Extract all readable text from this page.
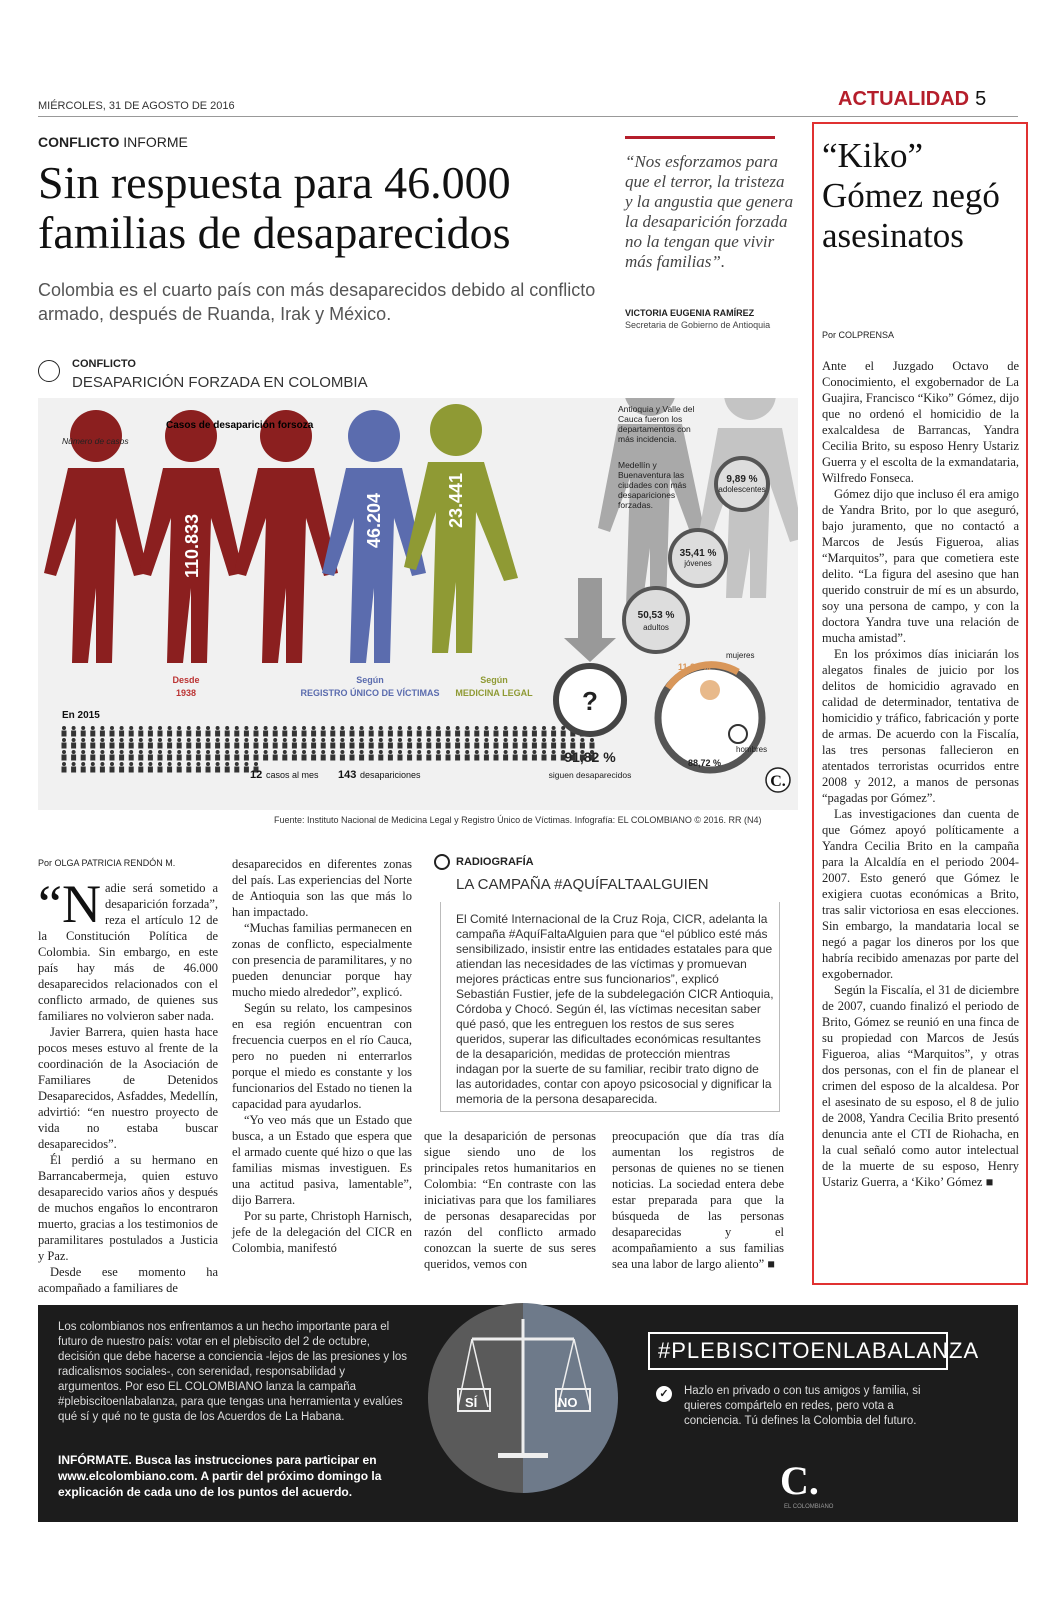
MIÉRCOLES, 31 DE AGOSTO DE 2016	ACTUALIDAD 5
CONFLICTO INFORME
Sin respuesta para 46.000 familias de desaparecidos
Colombia es el cuarto país con más desaparecidos debido al conflicto armado, después de Ruanda, Irak y México.
“Nos esforzamos para que el terror, la tristeza y la angustia que genera la desaparición forzada no la tengan que vivir más familias”.
VICTORIA EUGENIA RAMÍREZ
Secretaria de Gobierno de Antioquia
“Kiko” Gómez negó asesinatos
Por COLPRENSA

Ante el Juzgado Octavo de Conocimiento, el exgobernador de La Guajira, Francisco “Kiko” Gómez, dijo que no ordenó el homicidio de la exalcaldesa de Barrancas, Yandra Cecilia Brito, su esposo Henry Ustariz Guerra y el escolta de la exmandataria, Wilfredo Fonseca.

Gómez dijo que incluso él era amigo de Yandra Brito, por lo que aseguró, bajo juramento, que no contactó a Marcos de Jesús Figueroa, alias “Marquitos”, para que cometiera este delito. “La figura del asesino que han querido construir de mí es un absurdo, soy una persona de campo, y con la doctora Yandra tuve una relación de mucha amistad”.

En los próximos días iniciarán los alegatos finales de juicio por los delitos de homicidio agravado en calidad de determinador, tentativa de homicidio y tráfico, fabricación y porte de armas. De acuerdo con la Fiscalía, las tres personas fallecieron en atentados terroristas ocurridos entre 2008 y 2012, a manos de personas “pagadas por Gómez”.

Las investigaciones dan cuenta de que Gómez apoyó políticamente a Yandra Cecilia Brito en la campaña para la Alcaldía en el periodo 2004-2007. Esto generó que Gómez le exigiera cuotas económicas a Brito, tras salir victoriosa en esas elecciones. Sin embargo, la mandataria local se negó a pagar los dineros por los que habría recibido amenazas por parte del exgobernador.

Según la Fiscalía, el 31 de diciembre de 2007, cuando finalizó el periodo de Brito, Gómez se reunió en una finca de su propiedad con Marcos de Jesús Figueroa, alias “Marquitos”, y otras dos personas, con el fin de planear el crimen del esposo de la alcaldesa. Por el asesinato de su esposo, el 8 de julio de 2008, Yandra Cecilia Brito presentó denuncia ante el CTI de Riohacha, en la cual señaló como autor intelectual de la muerte de su esposo, Henry Ustariz Guerra, a ‘Kiko’ Gómez ■

CONFLICTO
DESAPARICIÓN FORZADA EN COLOMBIA
Casos de desaparición forsoza
Número de casos
110.833	46.204	23.441
Desde
1938
Según
REGISTRO ÚNICO DE VÍCTIMAS
Según
MEDICINA LEGAL
En 2015
12 casos al mes 143 desapariciones
Antioquia y Valle del Cauca fueron los departamentos con más incidencia.
Medellín y Buenaventura las ciudades con más desapariciones forzadas.
9,89 %
adolescentes
35,41 %
jóvenes
50,53 %
adultos
?
91,82 %
siguen desaparecidos
11,28 %
mujeres
88,72 %
hombres
C.
Fuente: Instituto Nacional de Medicina Legal y Registro Único de Víctimas. Infografía: EL COLOMBIANO © 2016. RR (N4)
Por OLGA PATRICIA RENDÓN M.

“Nadie será sometido a desaparición forzada”, reza el artículo 12 de la Constitución Política de Colombia. Sin embargo, en este país hay más de 46.000 desaparecidos relacionados con el conflicto armado, de quienes sus familiares no volvieron saber nada.

Javier Barrera, quien hasta hace pocos meses estuvo al frente de la coordinación de la Asociación de Familiares de Detenidos Desaparecidos, Asfaddes, Medellín, advirtió: “en nuestro proyecto de vida no estaba buscar desaparecidos”.

Él perdió a su hermano en Barrancabermeja, quien estuvo desaparecido varios años y después de muchos engaños lo encontraron muerto, gracias a los testimonios de paramilitares postulados a Justicia y Paz.

Desde ese momento ha acompañado a familiares de

desaparecidos en diferentes zonas del país. Las experiencias del Norte de Antioquia son las que más lo han impactado.

“Muchas familias permanecen en zonas de conflicto, especialmente con presencia de paramilitares, y no pueden denunciar porque hay mucho miedo alrededor”, explicó.

Según su relato, los campesinos en esa región encuentran con frecuencia cuerpos en el río Cauca, pero no pueden ni enterrarlos porque el miedo es constante y los funcionarios del Estado no tienen la capacidad para ayudarlos.

“Yo veo más que un Estado que busca, a un Estado que espera que el armado cuente qué hizo o que las familias mismas investiguen. Es una actitud pasiva, lamentable”, dijo Barrera.

Por su parte, Christoph Harnisch, jefe de la delegación del CICR en Colombia, manifestó

que la desaparición de personas sigue siendo uno de los principales retos humanitarios en Colombia: “En contraste con las iniciativas para que los familiares de personas desaparecidas por razón del conflicto armado conozcan la suerte de sus seres queridos, vemos con

preocupación que día tras día aumentan los registros de personas de quienes no se tienen noticias. La sociedad entera debe estar preparada para que la búsqueda de las personas desaparecidas y el acompañamiento a sus familias sea una labor de largo aliento” ■

RADIOGRAFÍA
LA CAMPAÑA #AQUÍFALTAALGUIEN
El Comité Internacional de la Cruz Roja, CICR, adelanta la campaña #AquíFaltaAlguien para que “el público esté más sensibilizado, insistir entre las entidades estatales para que atiendan las necesidades de las víctimas y promuevan mejores prácticas entre sus funcionarios”, explicó Sebastián Fustier, jefe de la subdelegación CICR Antioquia, Córdoba y Chocó. Según él, las víctimas necesitan saber qué pasó, que les entreguen los restos de sus seres queridos, superar las dificultades económicas resultantes de la desaparición, medidas de protección mientras indagan por la suerte de su familiar, recibir trato digno de las autoridades, contar con apoyo psicosocial y dignificar la memoria de la persona desaparecida.
Los colombianos nos enfrentamos a un hecho importante para el futuro de nuestro país: votar en el plebiscito del 2 de octubre, decisión que debe hacerse a conciencia -lejos de las presiones y los radicalismos sociales-, con serenidad, responsabilidad y argumentos. Por eso EL COLOMBIANO lanza la campaña #plebiscitoenlabalanza, para que tengas una herramienta y evalúes qué sí y qué no te gusta de los Acuerdos de La Habana.
INFÓRMATE. Busca las instrucciones para participar en www.elcolombiano.com. A partir del próximo domingo la explicación de cada uno de los puntos del acuerdo.
SÍ	NO
#PLEBISCITOENLABALANZA
✓ Hazlo en privado o con tus amigos y familia, si quieres compártelo en redes, pero vota a conciencia. Tú defines la Colombia del futuro.
C.
EL COLOMBIANO
